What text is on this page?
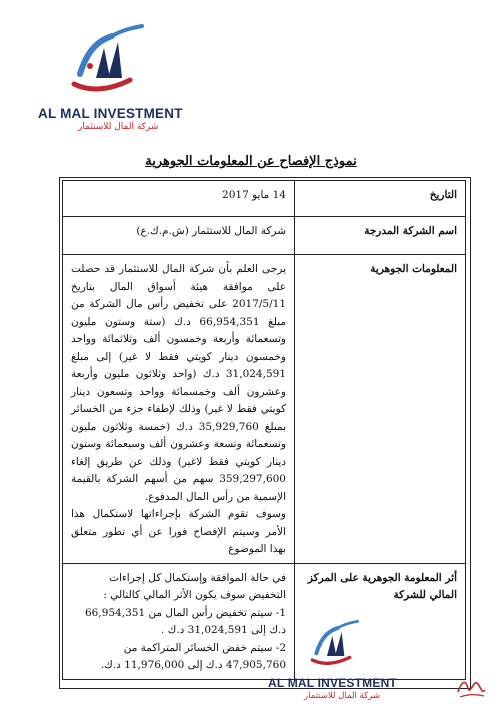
AL MAL INVESTMENT
شركة المال للاستثمار
نموذج الإفصاح عن المعلومات الجوهرية
التاريخ	14 مايو 2017
اسم الشركة المدرجة	شركة المال للاستثمار (ش.م.ك.ع)
المعلومات الجوهرية	يرجى العلم بأن شركة المال للاستثمار قد حصلت على موافقة هيئة أسواق المال بتاريخ 2017/5/11 على تخفيض رأس مال الشركة من مبلغ 66,954,351 د.ك (ستة وستون مليون وتسعمائة وأربعة وخمسون ألف وثلاثمائة وواحد وخمسون دينار كويتي فقط لا غير) إلى مبلغ 31,024,591 د.ك (واحد وثلاثون مليون وأربعة وعشرون ألف وخمسمائة وواحد وتسعون دينار كويتي فقط لا غير) وذلك لإطفاء جزء من الخسائر بمبلغ 35,929,760 د.ك (خمسة وثلاثون مليون وتسعمائة وتسعة وعشرون ألف وسبعمائة وستون دينار كويتي فقط لاغير) وذلك عن طريق إلغاء 359,297,600 سهم من أسهم الشركة بالقيمة الإسمية من رأس المال المدفوع.
وسوف تقوم الشركة بإجراءاتها لاستكمال هذا الأمر وسيتم الإفصاح فورا عن أي تطور متعلق بهذا الموضوع

أثر المعلومة الجوهرية على المركز المالي للشركة	في حالة الموافقة وإستكمال كل إجراءات التخفيض سوف يكون الأثر المالي كالتالي :
1- سيتم تخفيض رأس المال من 66,954,351 د.ك إلى 31,024,591 د.ك .
2- سيتم خفض الخسائر المتراكمة من 47,905,760 د.ك إلى 11,976,000 د.ك.
AL MAL INVESTMENT
شركة المال للاستثمار
